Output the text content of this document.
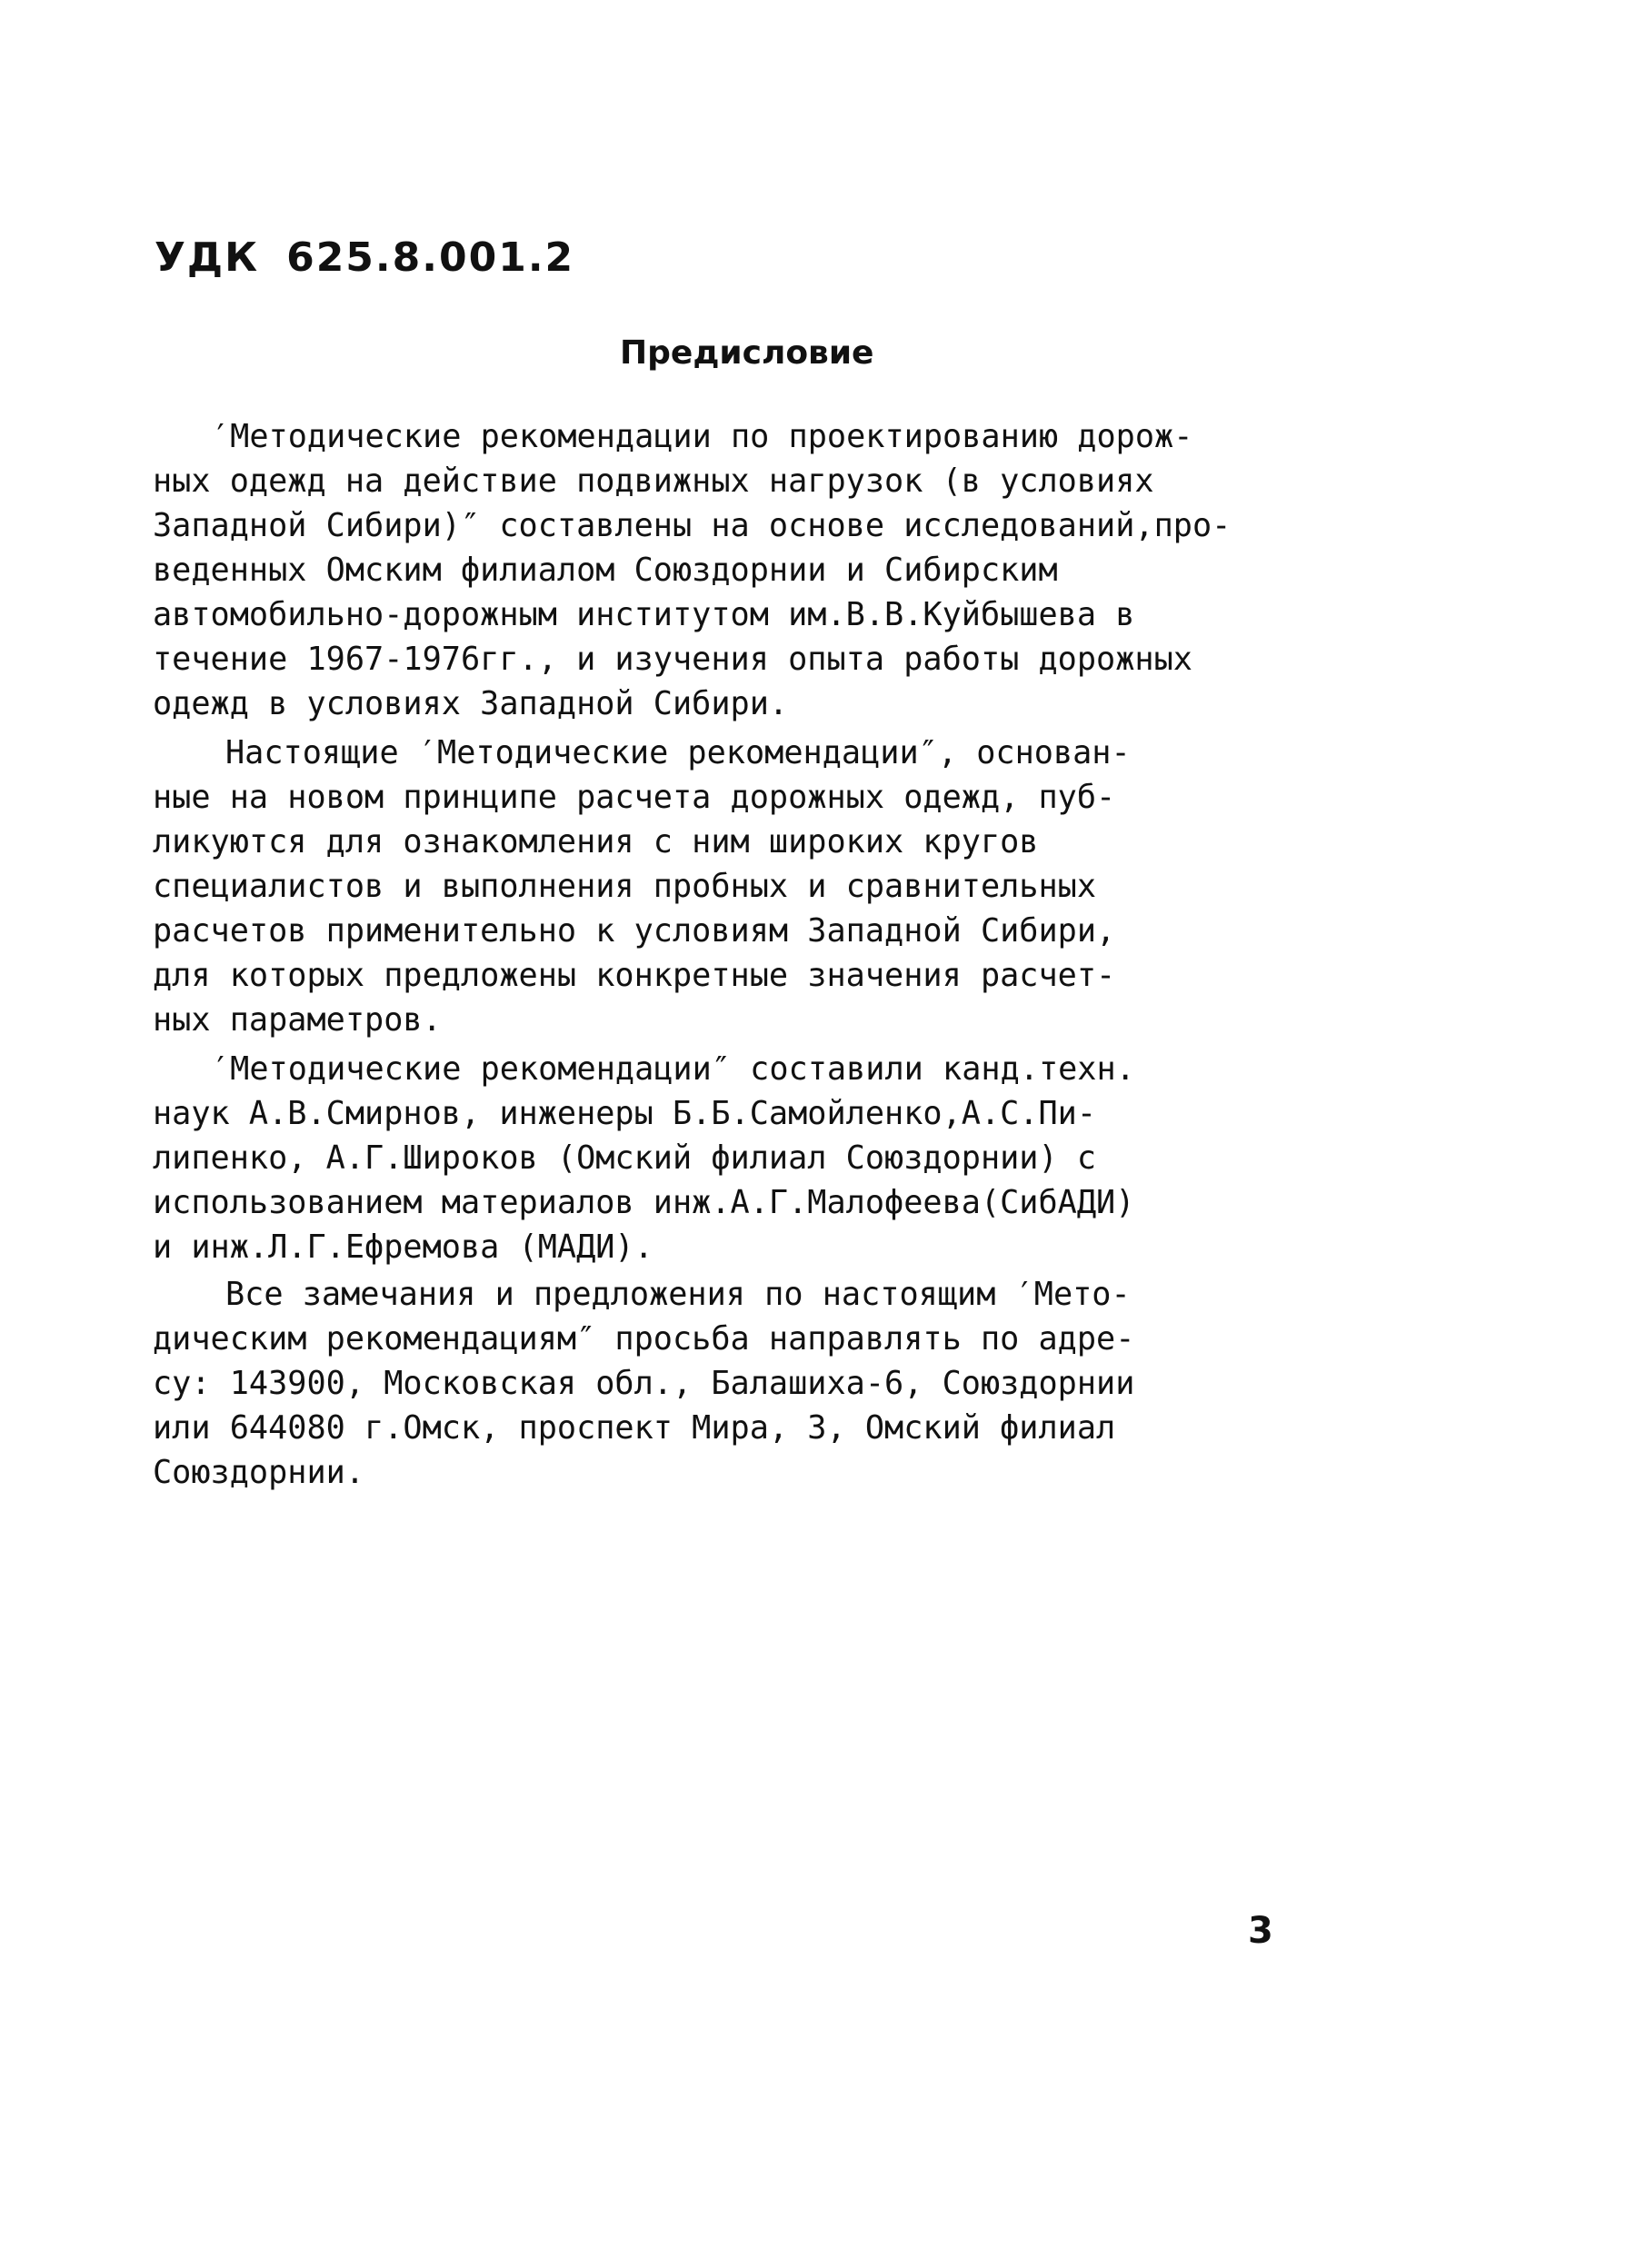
УДК 625.8.001.2
Предисловие
′Методические рекомендации по проектированию дорож-
ных одежд на действие подвижных нагрузок (в условиях
Западной Сибири)″ составлены на основе исследований,про-
веденных Омским филиалом Союздорнии и Сибирским
автомобильно-дорожным институтом им.В.В.Куйбышева в
течение 1967-1976гг., и изучения опыта работы дорожных
одежд в условиях Западной Сибири.
Настоящие ′Методические рекомендации″, основан-
ные на новом принципе расчета дорожных одежд, пуб-
ликуются для ознакомления с ним широких кругов
специалистов и выполнения пробных и сравнительных
расчетов применительно к условиям Западной Сибири,
для которых предложены конкретные значения расчет-
ных параметров.
′Методические рекомендации″ составили канд.техн.
наук А.В.Смирнов, инженеры Б.Б.Самойленко,А.С.Пи-
липенко, А.Г.Широков (Омский филиал Союздорнии) с
использованием материалов инж.А.Г.Малофеева(СибАДИ)
и инж.Л.Г.Ефремова (МАДИ).
Все замечания и предложения по настоящим ′Мето-
дическим рекомендациям″ просьба направлять по адре-
су: 143900, Московская обл., Балашиха-6, Союздорнии
или 644080 г.Омск, проспект Мира, 3, Омский филиал
Союздорнии.
3
